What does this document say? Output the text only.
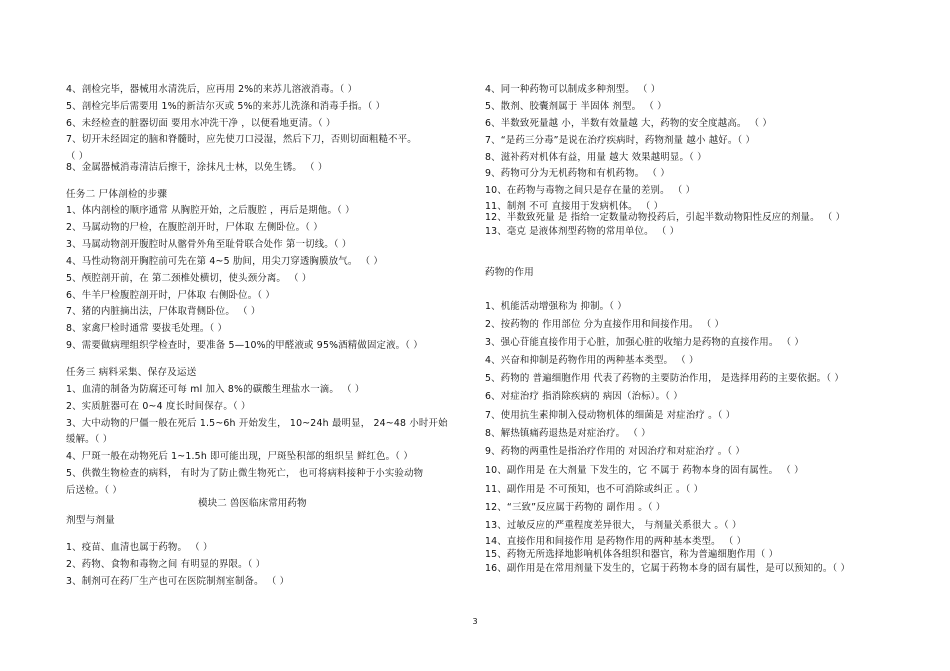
4、剖检完毕，器械用水清洗后，应再用 2%的来苏儿溶液消毒。（ ）
5、剖检完毕后需要用 1%的新洁尔灭或 5%的来苏儿洗涤和消毒手指。（ ）
6、未经检查的脏器切面 要用水冲洗干净 ，以便看地更清。（ ）
7、切开未经固定的脑和脊髓时，应先使刀口浸湿，然后下刀，否则切面粗糙不平。
（ ）
8、金属器械消毒清洁后擦干，涂抹凡士林，以免生锈。 （ ）
任务二 尸体剖检的步骤
1、体内剖检的顺序通常 从胸腔开始，之后腹腔 ，再后是期他。（ ）
2、马属动物的尸检，在腹腔剖开时，尸体取 左侧卧位。（ ）
3、马属动物剖开腹腔时从髂骨外角至耻骨联合处作 第一切线。（ ）
4、马性动物剖开胸腔前可先在第 4~5 肋间，用尖刀穿透胸膜放气。 （ ）
5、颅腔剖开前，在 第二颈椎处横切，使头颈分离。 （ ）
6、牛羊尸检腹腔剖开时，尸体取 右侧卧位。（ ）
7、猪的内脏摘出法，尸体取背侧卧位。 （ ）
8、家禽尸检时通常 要拔毛处理。（ ）
9、需要做病理组织学检查时，要准备 5—10%的甲醛液或 95%酒精做固定液。（ ）
任务三 病料采集、保存及运送
1、血清的制备为防腐还可每 ml 加入 8%的碳酸生理盐水一滴。 （ ）
2、实质脏器可在 0~4 度长时间保存。（ ）
3、大中动物的尸僵一般在死后 1.5~6h 开始发生， 10~24h 最明显， 24~48 小时开始
缓解。（ ）
4、尸斑一般在动物死后 1~1.5h 即可能出现，尸斑坠积部的组织呈 鲜红色。（ ）
5、供微生物检查的病料， 有时为了防止微生物死亡， 也可将病料接种于小实验动物
后送检。（ ）
模块二 兽医临床常用药物
剂型与剂量
1、疫苗、血清也属于药物。 （ ）
2、药物、食物和毒物之间 有明显的界限。（ ）
3、制剂可在药厂生产也可在医院制剂室制备。 （ ）
4、同一种药物可以制成多种剂型。 （ ）
5、散剂、胶囊剂属于 半固体 剂型。 （ ）
6、半数致死量越 小，半数有效量越 大，药物的安全度越高。 （ ）
7、“是药三分毒”是说在治疗疾病时，药物剂量 越小 越好。（ ）
8、滋补药对机体有益，用量 越大 效果越明显。（ ）
9、药物可分为无机药物和有机药物。 （ ）
10、在药物与毒物之间只是存在量的差别。 （ ）
11、制剂 不可 直接用于发病机体。 （ ）
12、半数致死量 是 指给一定数量动物投药后，引起半数动物阳性反应的剂量。 （ ）
13、毫克 是液体剂型药物的常用单位。 （ ）
药物的作用
1、机能活动增强称为 抑制。（ ）
2、按药物的 作用部位 分为直接作用和间接作用。 （ ）
3、强心苷能直接作用于心脏，加强心脏的收缩力是药物的直接作用。 （ ）
4、兴奋和抑制是药物作用的两种基本类型。 （ ）
5、药物的 普遍细胞作用 代表了药物的主要防治作用， 是选择用药的主要依据。（ ）
6、对症治疗 指消除疾病的 病因（治标）。（ ）
7、使用抗生素抑制入侵动物机体的细菌是 对症治疗 。（ ）
8、解热镇痛药退热是对症治疗。 （ ）
9、药物的两重性是指治疗作用的 对因治疗和对症治疗 。（ ）
10、副作用是 在大剂量 下发生的，它 不属于 药物本身的固有属性。 （ ）
11、副作用是 不可预知，也不可消除或纠正 。（ ）
12、“三致”反应属于药物的 副作用 。（ ）
13、过敏反应的严重程度差异很大， 与剂量关系很大 。（ ）
14、直接作用和间接作用 是药物作用的两种基本类型。 （ ）
15、药物无所选择地影响机体各组织和器官，称为普遍细胞作用（ ）
16、副作用是在常用剂量下发生的，它属于药物本身的固有属性，是可以预知的。（ ）
3
